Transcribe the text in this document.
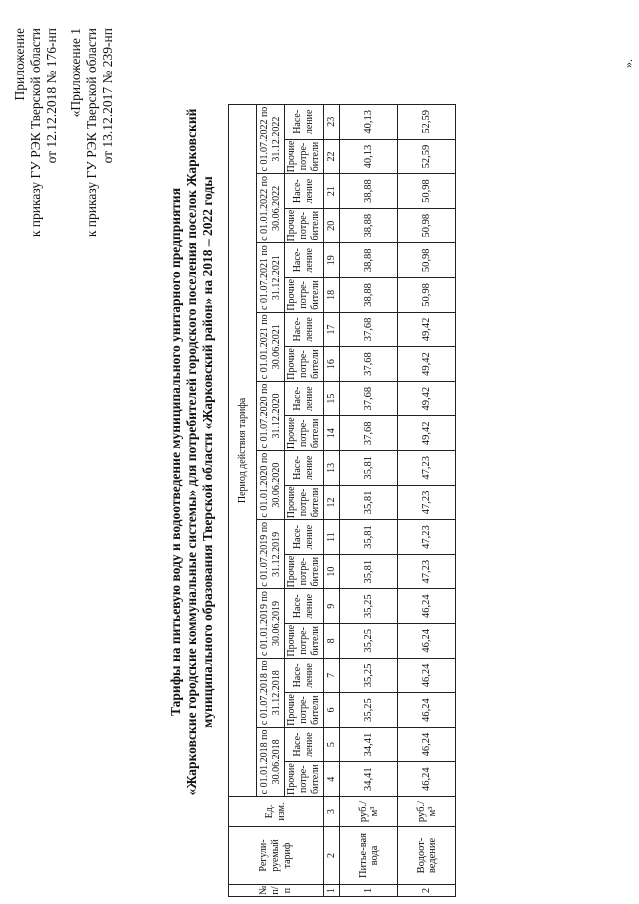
Приложение к приказу ГУ РЭК Тверской области от 12.12.2018 № 176-нп «Приложение 1 к приказу ГУ РЭК Тверской области от 13.12.2017 № 239-нп
Тарифы на питьевую воду и водоотведение муниципального унитарного предприятия «Жарковские городские коммунальные системы» для потребителей городского поселения поселок Жарковский муниципального образования Тверской области «Жарковский район» на 2018 – 2022 годы
№ п/п	Регули-руемый тариф	Ед. изм.	Период действия тарифа																			
			с 01.01.2018 по 30.06.2018		с 01.07.2018 по 31.12.2018		с 01.01.2019 по 30.06.2019		с 01.07.2019 по 31.12.2019		с 01.01.2020 по 30.06.2020		с 01.07.2020 по 31.12.2020		с 01.01.2021 по 30.06.2021		с 01.07.2021 по 31.12.2021		с 01.01.2022 по 30.06.2022		с 01.07.2022 по 31.12.2022	
			Прочие потре-бители	Насе-ление	Прочие потре-бители	Насе-ление	Прочие потре-бители	Насе-ление	Прочие потре-бители	Насе-ление	Прочие потре-бители	Насе-ление	Прочие потре-бители	Насе-ление	Прочие потре-бители	Насе-ление	Прочие потре-бители	Насе-ление	Прочие потре-бители	Насе-ление	Прочие потре-бители	Насе-ление
1	2	3	4	5	6	7	8	9	10	11	12	13	14	15	16	17	18	19	20	21	22	23
1	Питье-вая вода	руб./м³	34,41	34,41	35,25	35,25	35,25	35,25	35,81	35,81	35,81	35,81	37,68	37,68	37,68	37,68	38,88	38,88	38,88	38,88	40,13	40,13
2	Водоот-ведение	руб./м³	46,24	46,24	46,24	46,24	46,24	46,24	47,23	47,23	47,23	47,23	49,42	49,42	49,42	49,42	50,98	50,98	50,98	50,98	52,59	52,59
».
